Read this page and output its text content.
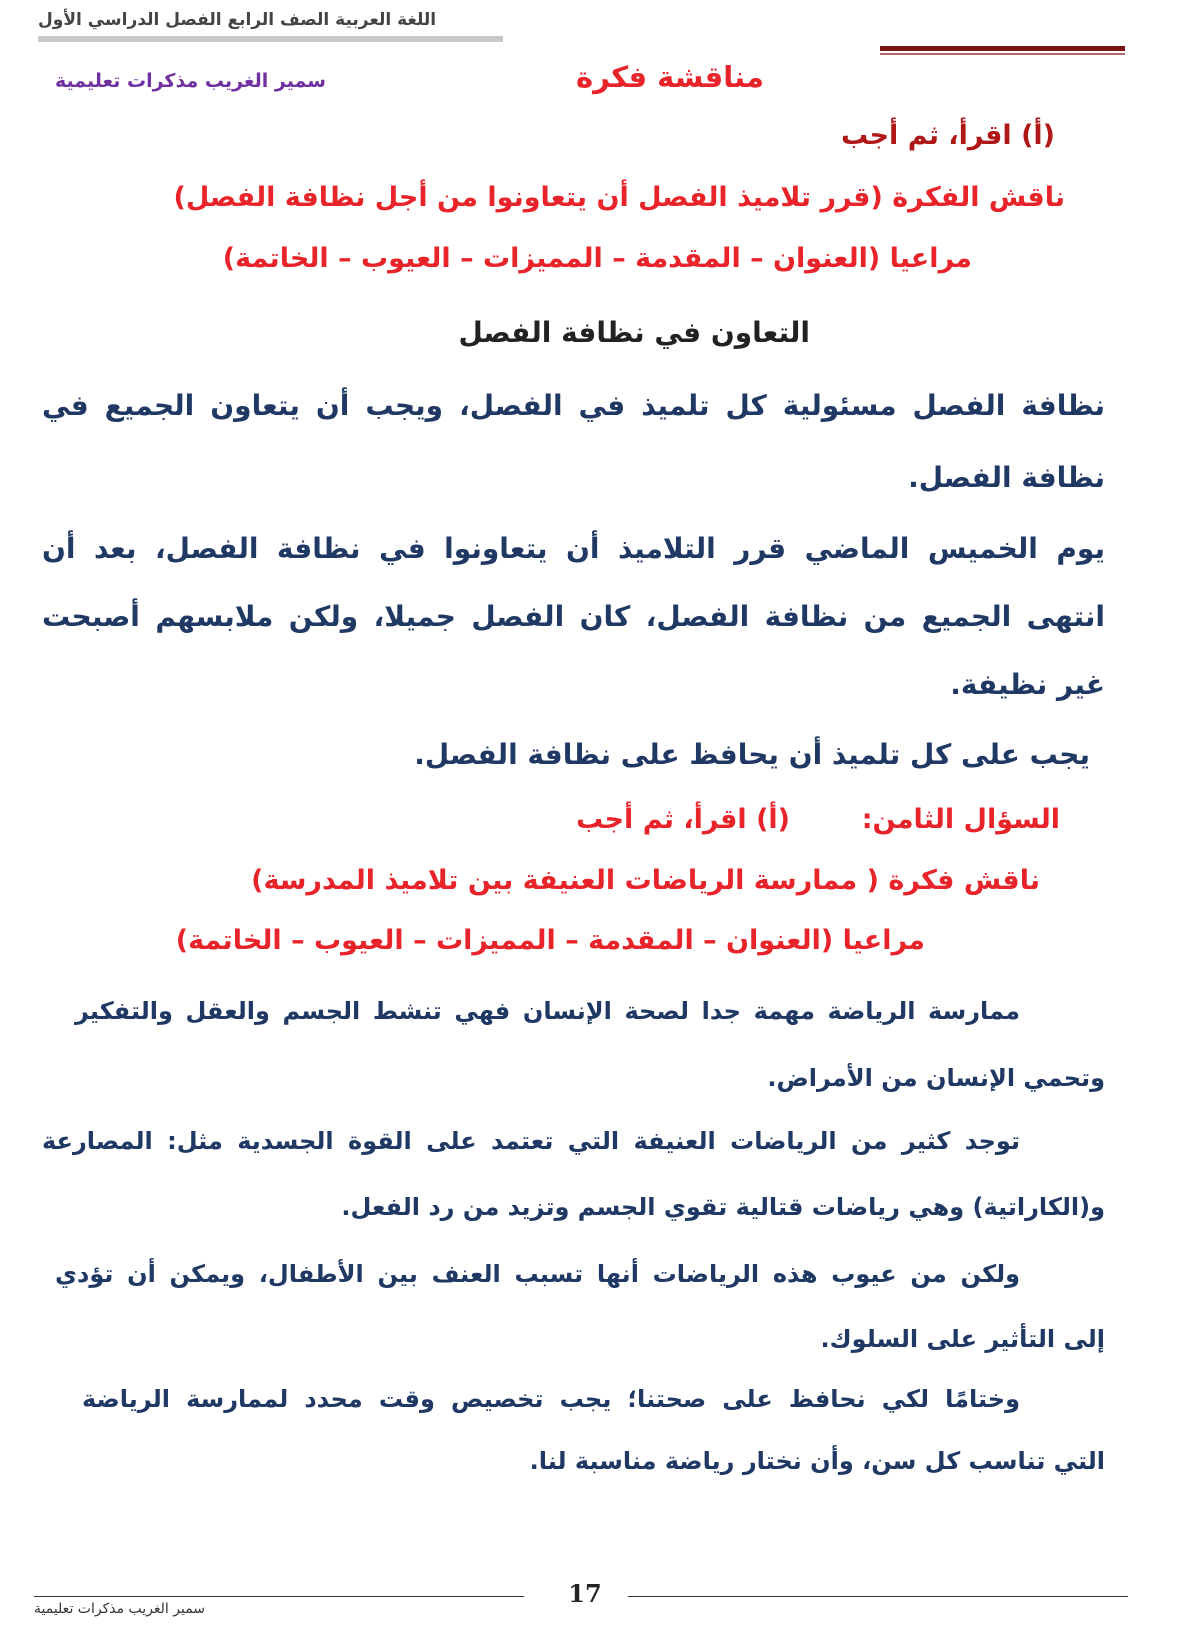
اللغة العربية الصف الرابع الفصل الدراسي الأول
سمير الغريب مذكرات تعليمية	مناقشة فكرة
(أ) اقرأ، ثم أجب
ناقش الفكرة (قرر تلاميذ الفصل أن يتعاونوا من أجل نظافة الفصل)
مراعيا (العنوان – المقدمة – المميزات – العيوب – الخاتمة)
التعاون في نظافة الفصل
نظافة الفصل مسئولية كل تلميذ في الفصل، ويجب أن يتعاون الجميع في
نظافة الفصل.
يوم الخميس الماضي قرر التلاميذ أن يتعاونوا في نظافة الفصل، بعد أن
انتهى الجميع من نظافة الفصل، كان الفصل جميلا، ولكن ملابسهم أصبحت
غير نظيفة.
يجب على كل تلميذ أن يحافظ على نظافة الفصل.
السؤال الثامن:
(أ) اقرأ، ثم أجب
ناقش فكرة ( ممارسة الرياضات العنيفة بين تلاميذ المدرسة)
مراعيا (العنوان – المقدمة – المميزات – العيوب – الخاتمة)
ممارسة الرياضة مهمة جدا لصحة الإنسان فهي تنشط الجسم والعقل والتفكير
وتحمي الإنسان من الأمراض.
توجد كثير من الرياضات العنيفة التي تعتمد على القوة الجسدية مثل: المصارعة
و(الكاراتية) وهي رياضات قتالية تقوي الجسم وتزيد من رد الفعل.
ولكن من عيوب هذه الرياضات أنها تسبب العنف بين الأطفال، ويمكن أن تؤدي
إلى التأثير على السلوك.
وختامًا لكي نحافظ على صحتنا؛ يجب تخصيص وقت محدد لممارسة الرياضة
التي تناسب كل سن، وأن نختار رياضة مناسبة لنا.
17
سمير الغريب مذكرات تعليمية
